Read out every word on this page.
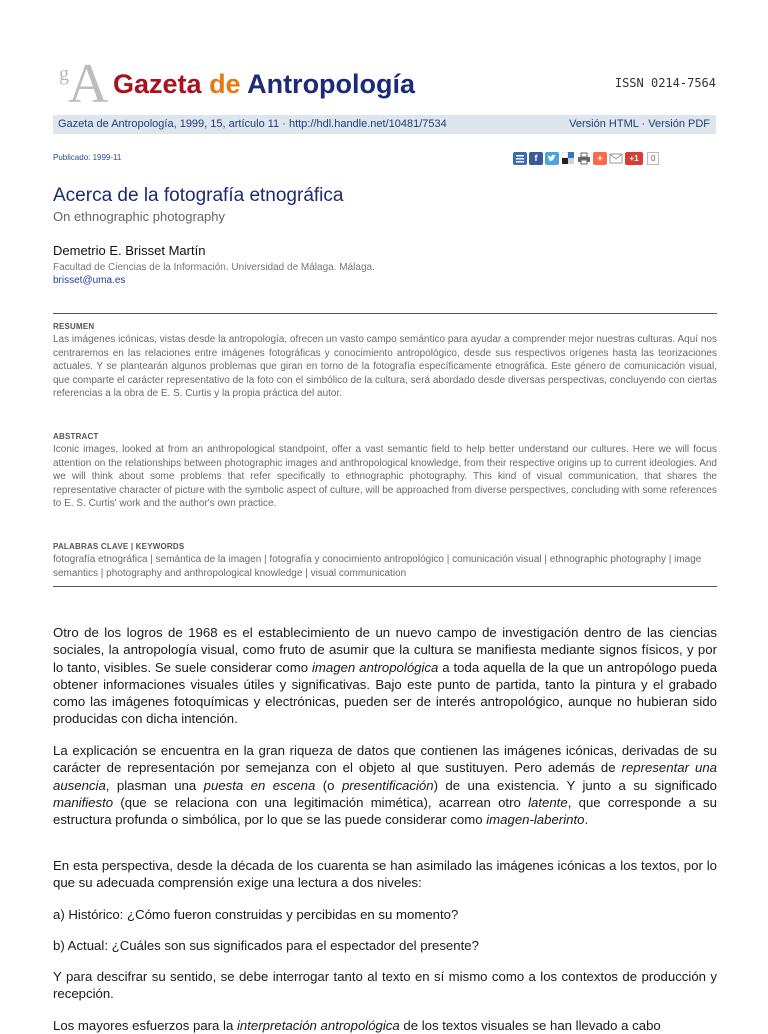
g A Gazeta de Antropología	ISSN 0214-7564
Gazeta de Antropología, 1999, 15, artículo 11 · http://hdl.handle.net/10481/7534	Versión HTML · Versión PDF
Publicado: 1999-11	f	+	+1	0
Acerca de la fotografía etnográfica
On ethnographic photography
Demetrio E. Brisset Martín
Facultad de Ciencias de la Información. Universidad de Málaga. Málaga.
brisset@uma.es
RESUMEN
Las imágenes icónicas, vistas desde la antropología, ofrecen un vasto campo semántico para ayudar a comprender mejor nuestras culturas. Aquí nos centraremos en las relaciones entre imágenes fotográficas y conocimiento antropológico, desde sus respectivos orígenes hasta las teorizaciones actuales. Y se plantearán algunos problemas que giran en torno de la fotografía específicamente etnográfica. Este género de comunicación visual, que comparte el carácter representativo de la foto con el simbólico de la cultura, será abordado desde diversas perspectivas, concluyendo con ciertas referencias a la obra de E. S. Curtis y la propia práctica del autor.
ABSTRACT
Iconic images, looked at from an anthropological standpoint, offer a vast semantic field to help better understand our cultures. Here we will focus attention on the relationships between photographic images and anthropological knowledge, from their respective origins up to current ideologies. And we will think about some problems that refer specifically to ethnographic photography. This kind of visual communication, that shares the representative character of picture with the symbolic aspect of culture, will be approached from diverse perspectives, concluding with some references to E. S. Curtis' work and the author's own practice.
PALABRAS CLAVE | KEYWORDS
fotografía etnográfica | semántica de la imagen | fotografía y conocimiento antropológico | comunicación visual | ethnographic photography | image semantics | photography and anthropological knowledge | visual communication
Otro de los logros de 1968 es el establecimiento de un nuevo campo de investigación dentro de las ciencias sociales, la antropología visual, como fruto de asumir que la cultura se manifiesta mediante signos físicos, y por lo tanto, visibles. Se suele considerar como imagen antropológica a toda aquella de la que un antropólogo pueda obtener informaciones visuales útiles y significativas. Bajo este punto de partida, tanto la pintura y el grabado como las imágenes fotoquímicas y electrónicas, pueden ser de interés antropológico, aunque no hubieran sido producidas con dicha intención.
La explicación se encuentra en la gran riqueza de datos que contienen las imágenes icónicas, derivadas de su carácter de representación por semejanza con el objeto al que sustituyen. Pero además de representar una ausencia, plasman una puesta en escena (o presentificación) de una existencia. Y junto a su significado manifiesto (que se relaciona con una legitimación mimética), acarrean otro latente, que corresponde a su estructura profunda o simbólica, por lo que se las puede considerar como imagen-laberinto.
En esta perspectiva, desde la década de los cuarenta se han asimilado las imágenes icónicas a los textos, por lo que su adecuada comprensión exige una lectura a dos niveles:
a) Histórico: ¿Cómo fueron construidas y percibidas en su momento?
b) Actual: ¿Cuáles son sus significados para el espectador del presente?
Y para descifrar su sentido, se debe interrogar tanto al texto en sí mismo como a los contextos de producción y recepción.
Los mayores esfuerzos para la interpretación antropológica de los textos visuales se han llevado a cabo
